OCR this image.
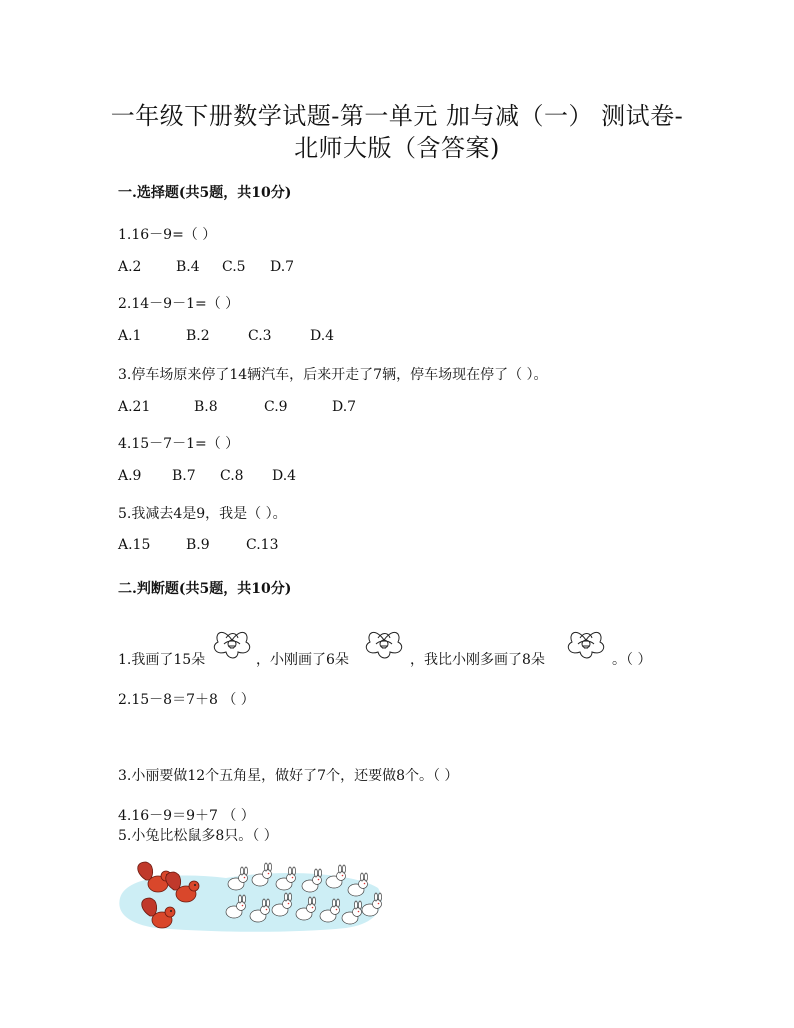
一年级下册数学试题-第一单元 加与减（一） 测试卷-
北师大版（含答案)
一.选择题(共5题，共10分)
1.16－9=（ ）
A.2 B.4 C.5 D.7
2.14－9－1=（ ）
A.1	B.2	C.3	D.4
3.停车场原来停了14辆汽车，后来开走了7辆，停车场现在停了（ ）。
A.21	B.8	C.9	D.7
4.15－7－1=（ ）
A.9 B.7 C.8 D.4
5.我减去4是9，我是（ ）。
A.15	B.9	C.13
二.判断题(共5题，共10分)
1.我画了15朵	，小刚画了6朵	，我比小刚多画了8朵	。（ ）
2.15－8＝7＋8 （ ）
3.小丽要做12个五角星，做好了7个，还要做8个。（ ）
4.16－9＝9＋7 （ ）
5.小兔比松鼠多8只。（ ）
